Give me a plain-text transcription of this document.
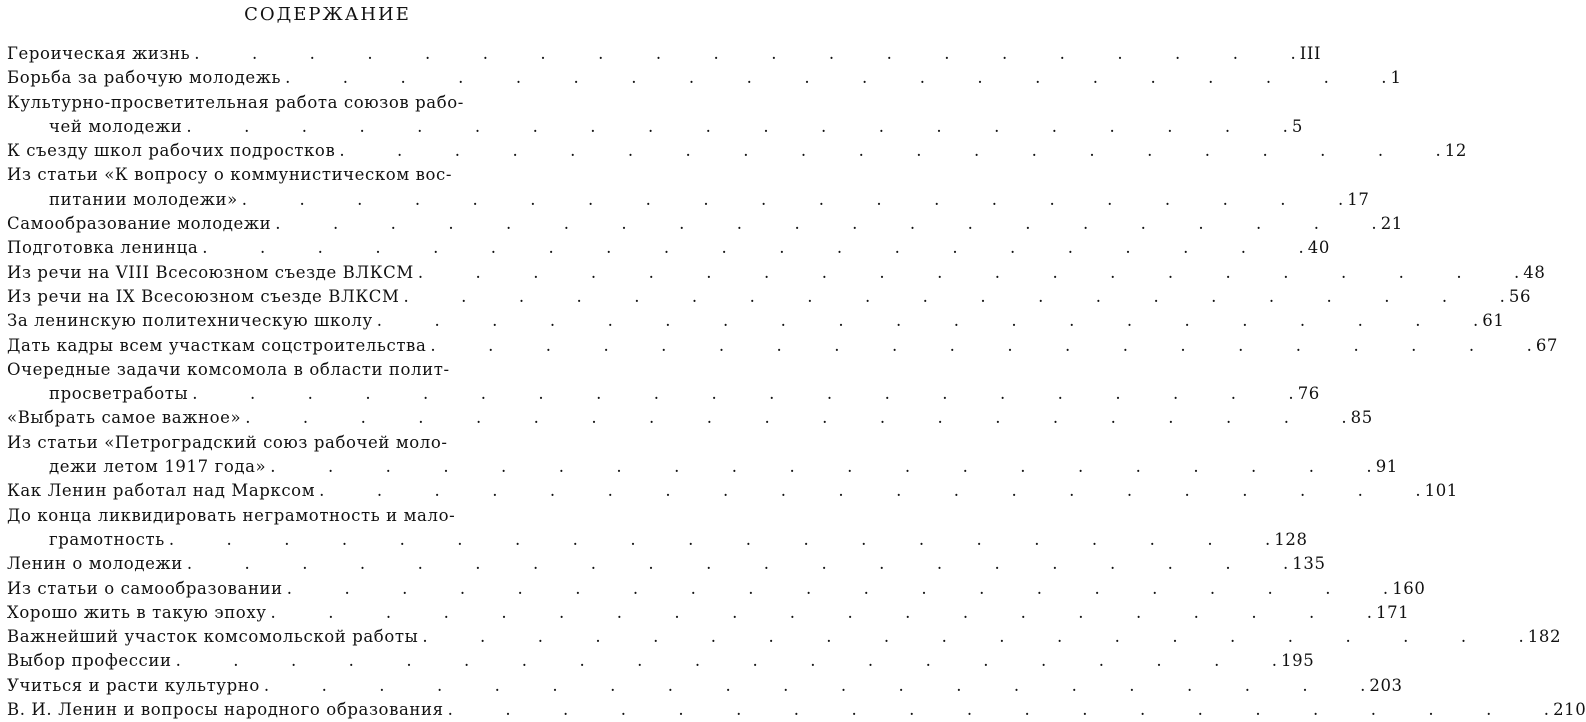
СОДЕРЖАНИЕ
Героическая жизнь .	III
Борьба за рабочую молодежь .	1
Культурно-просветительная работа союзов рабо-
чей молодежи .	5
К съезду школ рабочих подростков .	12
Из статьи «К вопросу о коммунистическом вос-
питании молодежи» .	17
Самообразование молодежи .	21
Подготовка ленинца .	40
Из речи на VIII Всесоюзном съезде ВЛКСМ .	48
Из речи на IX Всесоюзном съезде ВЛКСМ .	56
За ленинскую политехническую школу .	61
Дать кадры всем участкам соцстроительства .	67
Очередные задачи комсомола в области полит-
просветработы .	76
«Выбрать самое важное» .	85
Из статьи «Петроградский союз рабочей моло-
дежи летом 1917 года» .	91
Как Ленин работал над Марксом .	101
До конца ликвидировать неграмотность и мало-
грамотность .	128
Ленин о молодежи .	135
Из статьи о самообразовании .	160
Хорошо жить в такую эпоху .	171
Важнейший участок комсомольской работы .	182
Выбор профессии .	195
Учиться и расти культурно .	203
В. И. Ленин и вопросы народного образования .	210
